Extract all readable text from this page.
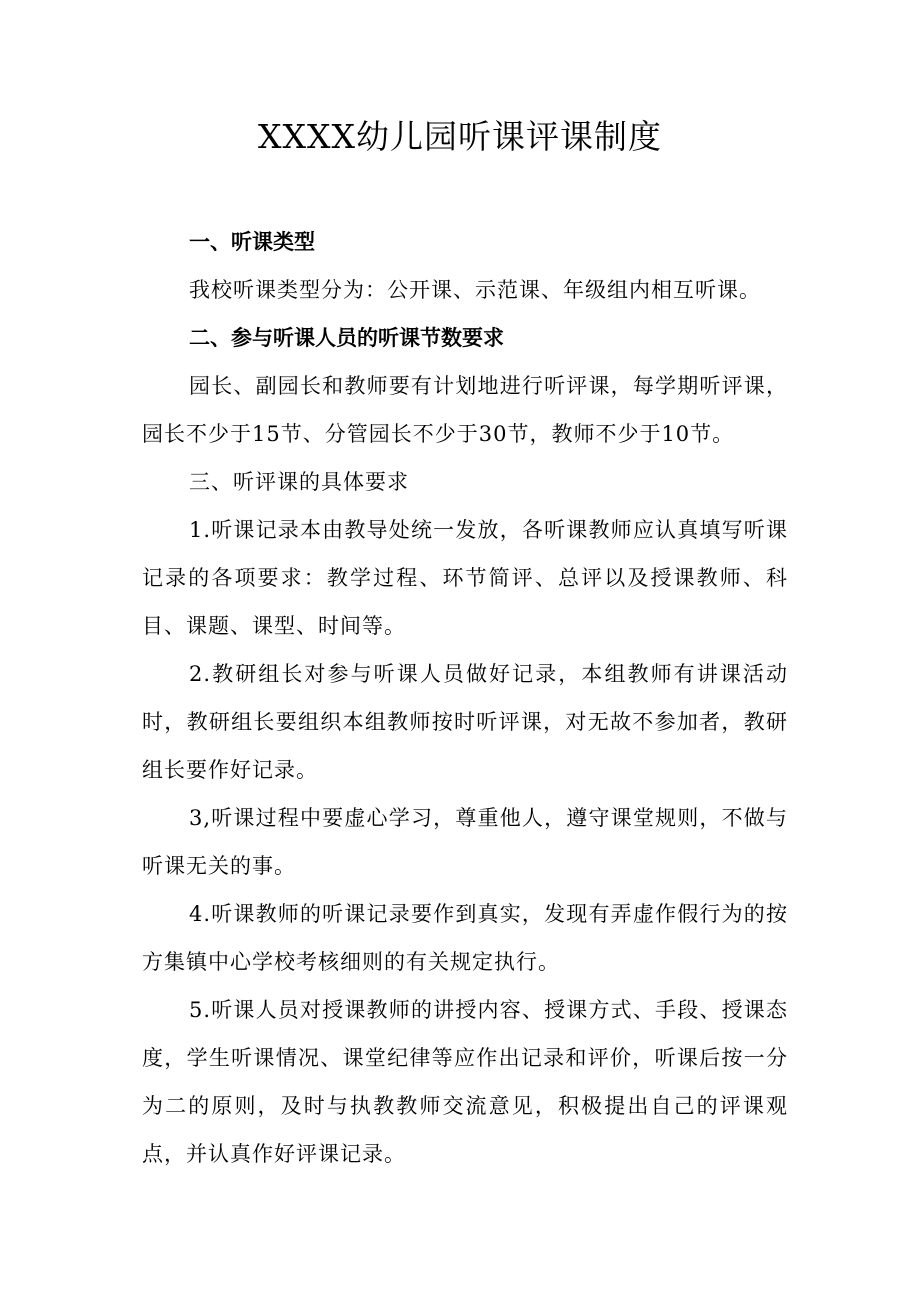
XXXX幼儿园听课评课制度
一、听课类型

我校听课类型分为：公开课、示范课、年级组内相互听课。

二、参与听课人员的听课节数要求

园长、副园长和教师要有计划地进行听评课，每学期听评课，园长不少于15节、分管园长不少于30节，教师不少于10节。

三、听评课的具体要求

1.听课记录本由教导处统一发放，各听课教师应认真填写听课记录的各项要求：教学过程、环节简评、总评以及授课教师、科目、课题、课型、时间等。

2.教研组长对参与听课人员做好记录，本组教师有讲课活动时，教研组长要组织本组教师按时听评课，对无故不参加者，教研组长要作好记录。

3,听课过程中要虚心学习，尊重他人，遵守课堂规则，不做与听课无关的事。

4.听课教师的听课记录要作到真实，发现有弄虚作假行为的按方集镇中心学校考核细则的有关规定执行。

5.听课人员对授课教师的讲授内容、授课方式、手段、授课态度，学生听课情况、课堂纪律等应作出记录和评价，听课后按一分为二的原则，及时与执教教师交流意见，积极提出自己的评课观点，并认真作好评课记录。
